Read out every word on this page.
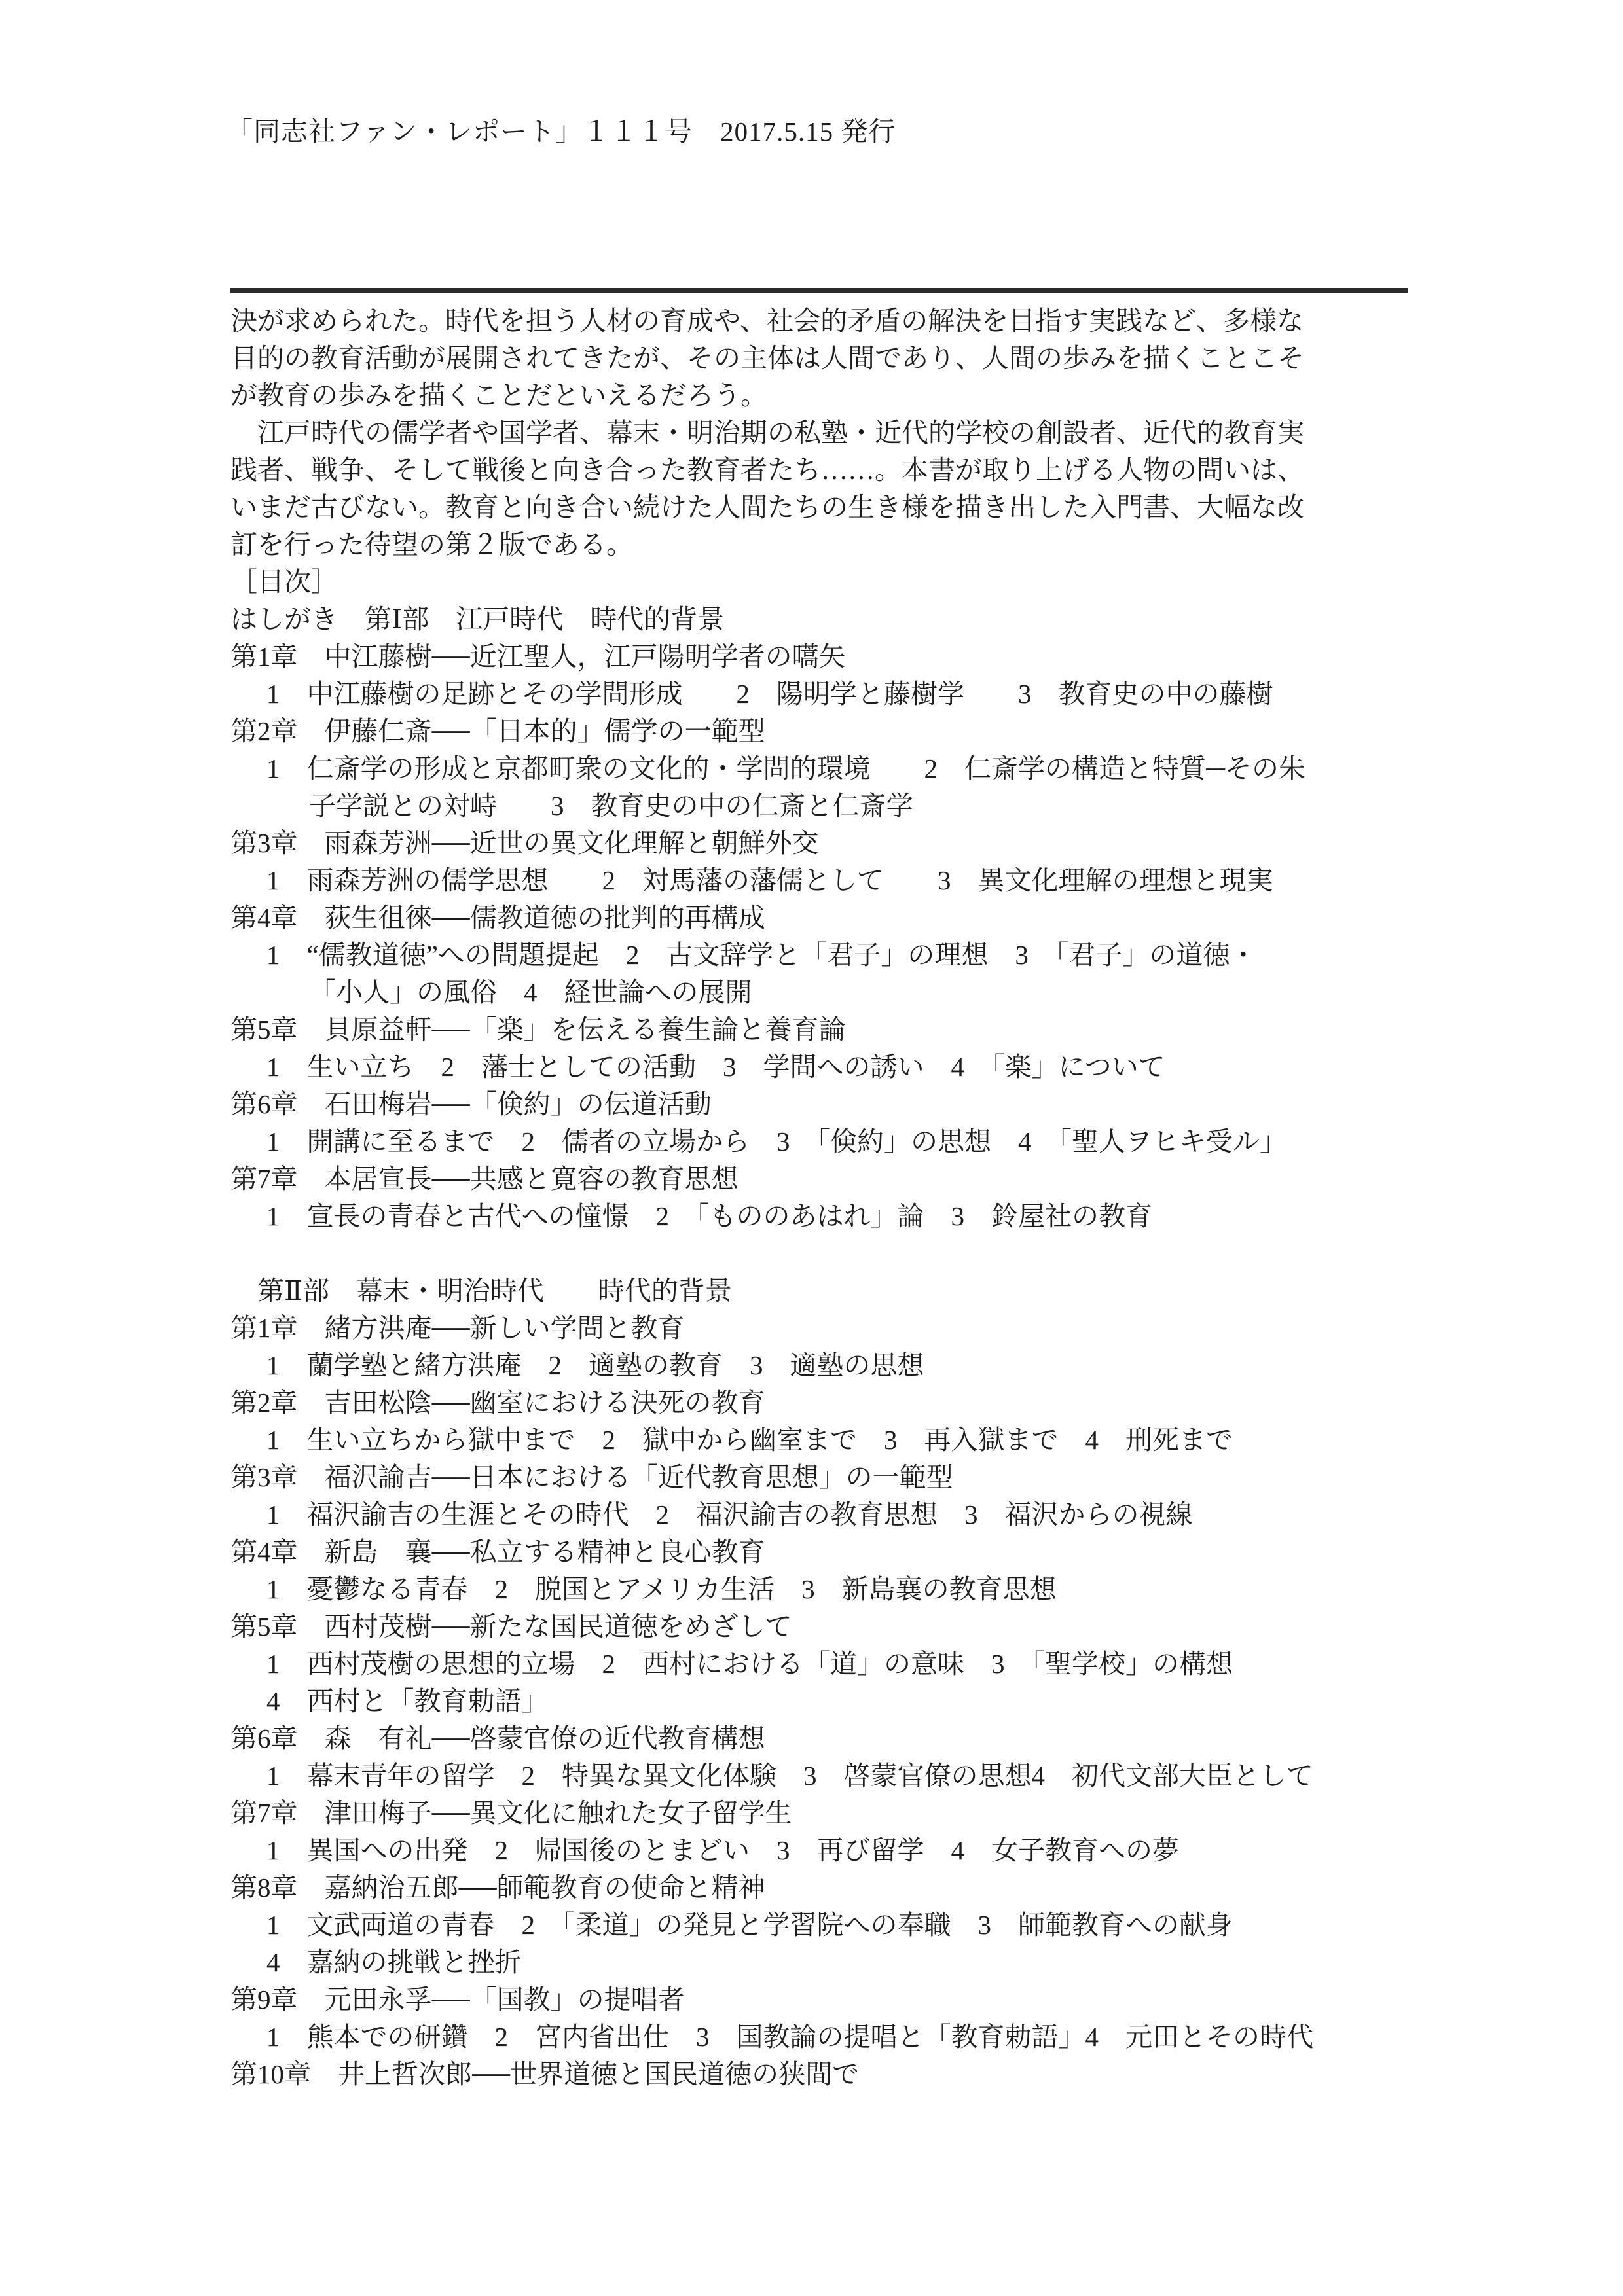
「同志社ファン・レポート」１１１号　2017.5.15 発行
決が求められた。時代を担う人材の育成や、社会的矛盾の解決を目指す実践など、多様な
目的の教育活動が展開されてきたが、その主体は人間であり、人間の歩みを描くことこそ
が教育の歩みを描くことだといえるだろう。
江戸時代の儒学者や国学者、幕末・明治期の私塾・近代的学校の創設者、近代的教育実
践者、戦争、そして戦後と向き合った教育者たち……。本書が取り上げる人物の問いは、
いまだ古びない。教育と向き合い続けた人間たちの生き様を描き出した入門書、大幅な改
訂を行った待望の第２版である。
［目次］
はしがき　第Ⅰ部　江戸時代　時代的背景
第1章　中江藤樹──近江聖人，江戸陽明学者の嚆矢
1　中江藤樹の足跡とその学問形成　　2　陽明学と藤樹学　　3　教育史の中の藤樹
第2章　伊藤仁斎──「日本的」儒学の一範型
1　仁斎学の形成と京都町衆の文化的・学問的環境　　2　仁斎学の構造と特質─その朱
子学説との対峙　　3　教育史の中の仁斎と仁斎学
第3章　雨森芳洲──近世の異文化理解と朝鮮外交
1　雨森芳洲の儒学思想　　2　対馬藩の藩儒として　　3　異文化理解の理想と現実
第4章　荻生徂徠──儒教道徳の批判的再構成
1　“儒教道徳”への問題提起　2　古文辞学と「君子」の理想　3　「君子」の道徳・
「小人」の風俗　4　経世論への展開
第5章　貝原益軒──「楽」を伝える養生論と養育論
1　生い立ち　2　藩士としての活動　3　学問への誘い　4　「楽」について
第6章　石田梅岩──「倹約」の伝道活動
1　開講に至るまで　2　儒者の立場から　3　「倹約」の思想　4　「聖人ヲヒキ受ル」
第7章　本居宣長──共感と寛容の教育思想
1　宣長の青春と古代への憧憬　2　「もののあはれ」論　3　鈴屋社の教育
第Ⅱ部　幕末・明治時代　　時代的背景
第1章　緒方洪庵──新しい学問と教育
1　蘭学塾と緒方洪庵　2　適塾の教育　3　適塾の思想
第2章　吉田松陰──幽室における決死の教育
1　生い立ちから獄中まで　2　獄中から幽室まで　3　再入獄まで　4　刑死まで
第3章　福沢諭吉──日本における「近代教育思想」の一範型
1　福沢諭吉の生涯とその時代　2　福沢諭吉の教育思想　3　福沢からの視線
第4章　新島　襄──私立する精神と良心教育
1　憂鬱なる青春　2　脱国とアメリカ生活　3　新島襄の教育思想
第5章　西村茂樹──新たな国民道徳をめざして
1　西村茂樹の思想的立場　2　西村における「道」の意味　3　「聖学校」の構想
4　西村と「教育勅語」
第6章　森　有礼──啓蒙官僚の近代教育構想
1　幕末青年の留学　2　特異な異文化体験　3　啓蒙官僚の思想4　初代文部大臣として
第7章　津田梅子──異文化に触れた女子留学生
1　異国への出発　2　帰国後のとまどい　3　再び留学　4　女子教育への夢
第8章　嘉納治五郎──師範教育の使命と精神
1　文武両道の青春　2　「柔道」の発見と学習院への奉職　3　師範教育への献身
4　嘉納の挑戦と挫折
第9章　元田永孚──「国教」の提唱者
1　熊本での研鑽　2　宮内省出仕　3　国教論の提唱と「教育勅語」4　元田とその時代
第10章　井上哲次郎──世界道徳と国民道徳の狭間で
